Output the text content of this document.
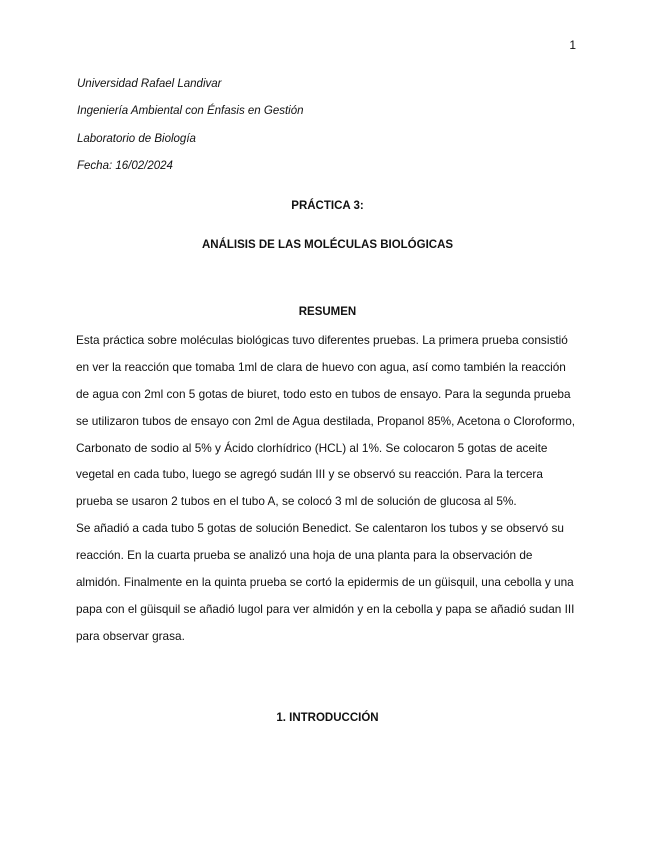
1
Universidad Rafael Landivar
Ingeniería Ambiental con Énfasis en Gestión
Laboratorio de Biología
Fecha: 16/02/2024
PRÁCTICA 3:
ANÁLISIS DE LAS MOLÉCULAS BIOLÓGICAS
RESUMEN
Esta práctica sobre moléculas biológicas tuvo diferentes pruebas. La primera prueba consistió
en ver la reacción que tomaba 1ml de clara de huevo con agua, así como también la reacción
de agua con 2ml con 5 gotas de biuret, todo esto en tubos de ensayo. Para la segunda prueba
se utilizaron tubos de ensayo con 2ml de Agua destilada, Propanol 85%, Acetona o Cloroformo,
Carbonato de sodio al 5% y Ácido clorhídrico (HCL) al 1%. Se colocaron 5 gotas de aceite
vegetal en cada tubo, luego se agregó sudán III y se observó su reacción. Para la tercera
prueba se usaron 2 tubos en el tubo A, se colocó 3 ml de solución de glucosa al 5%.
Se añadió a cada tubo 5 gotas de solución Benedict. Se calentaron los tubos y se observó su
reacción. En la cuarta prueba se analizó una hoja de una planta para la observación de
almidón. Finalmente en la quinta prueba se cortó la epidermis de un güisquil, una cebolla y una
papa con el güisquil se añadió lugol para ver almidón y en la cebolla y papa se añadió sudan III
para observar grasa.
1. INTRODUCCIÓN
